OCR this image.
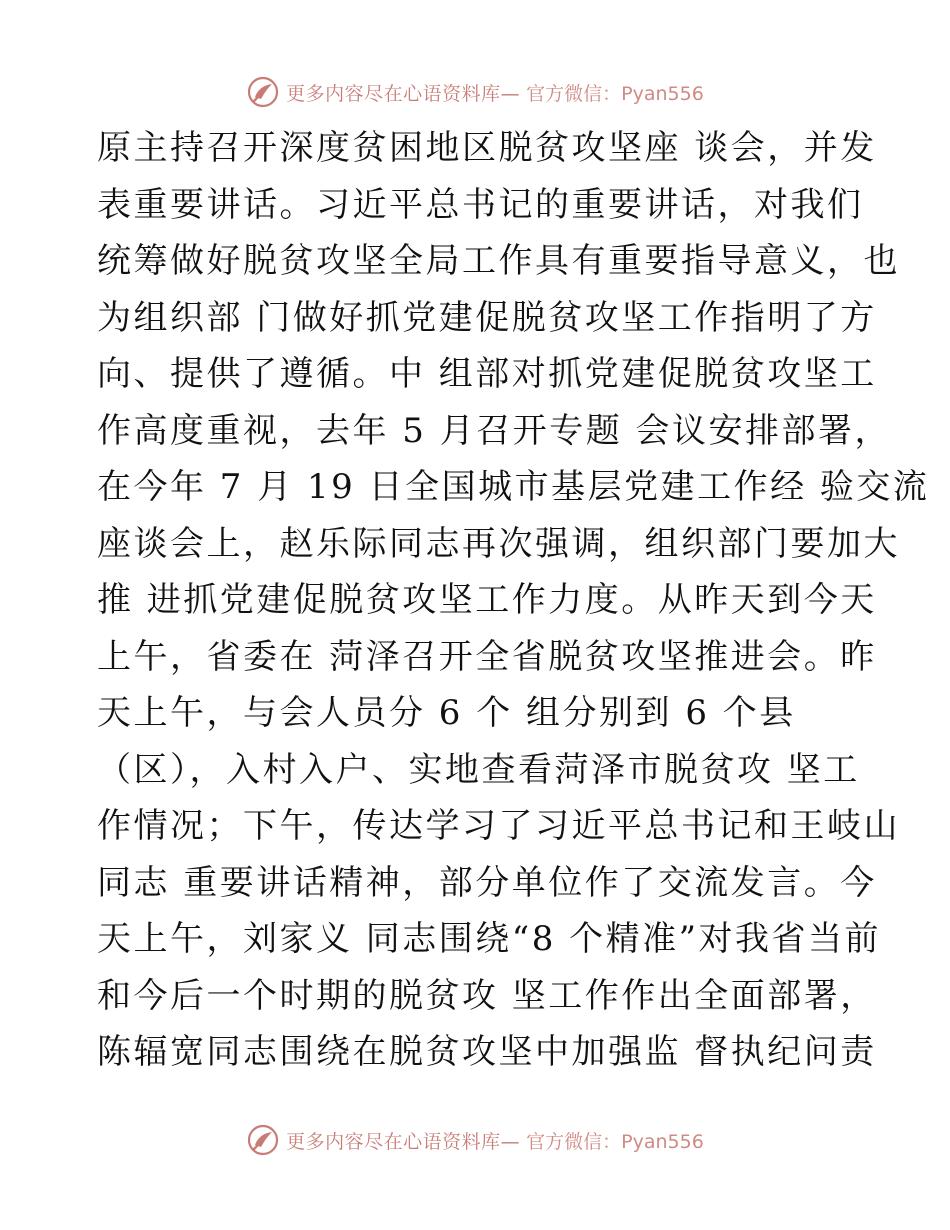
更多内容尽在心语资料库— 官方微信：Pyan556
原主持召开深度贫困地区脱贫攻坚座 谈会，并发
表重要讲话。习近平总书记的重要讲话，对我们
统筹做好脱贫攻坚全局工作具有重要指导意义，也
为组织部 门做好抓党建促脱贫攻坚工作指明了方
向、提供了遵循。中 组部对抓党建促脱贫攻坚工
作高度重视，去年 5 月召开专题 会议安排部署，
在今年 7 月 19 日全国城市基层党建工作经 验交流
座谈会上，赵乐际同志再次强调，组织部门要加大
推 进抓党建促脱贫攻坚工作力度。从昨天到今天
上午，省委在 菏泽召开全省脱贫攻坚推进会。昨
天上午，与会人员分 6 个 组分别到 6 个县
（区），入村入户、实地查看菏泽市脱贫攻 坚工
作情况；下午，传达学习了习近平总书记和王岐山
同志 重要讲话精神，部分单位作了交流发言。今
天上午，刘家义 同志围绕“8 个精准”对我省当前
和今后一个时期的脱贫攻 坚工作作出全面部署，
陈辐宽同志围绕在脱贫攻坚中加强监 督执纪问责
更多内容尽在心语资料库— 官方微信：Pyan556
